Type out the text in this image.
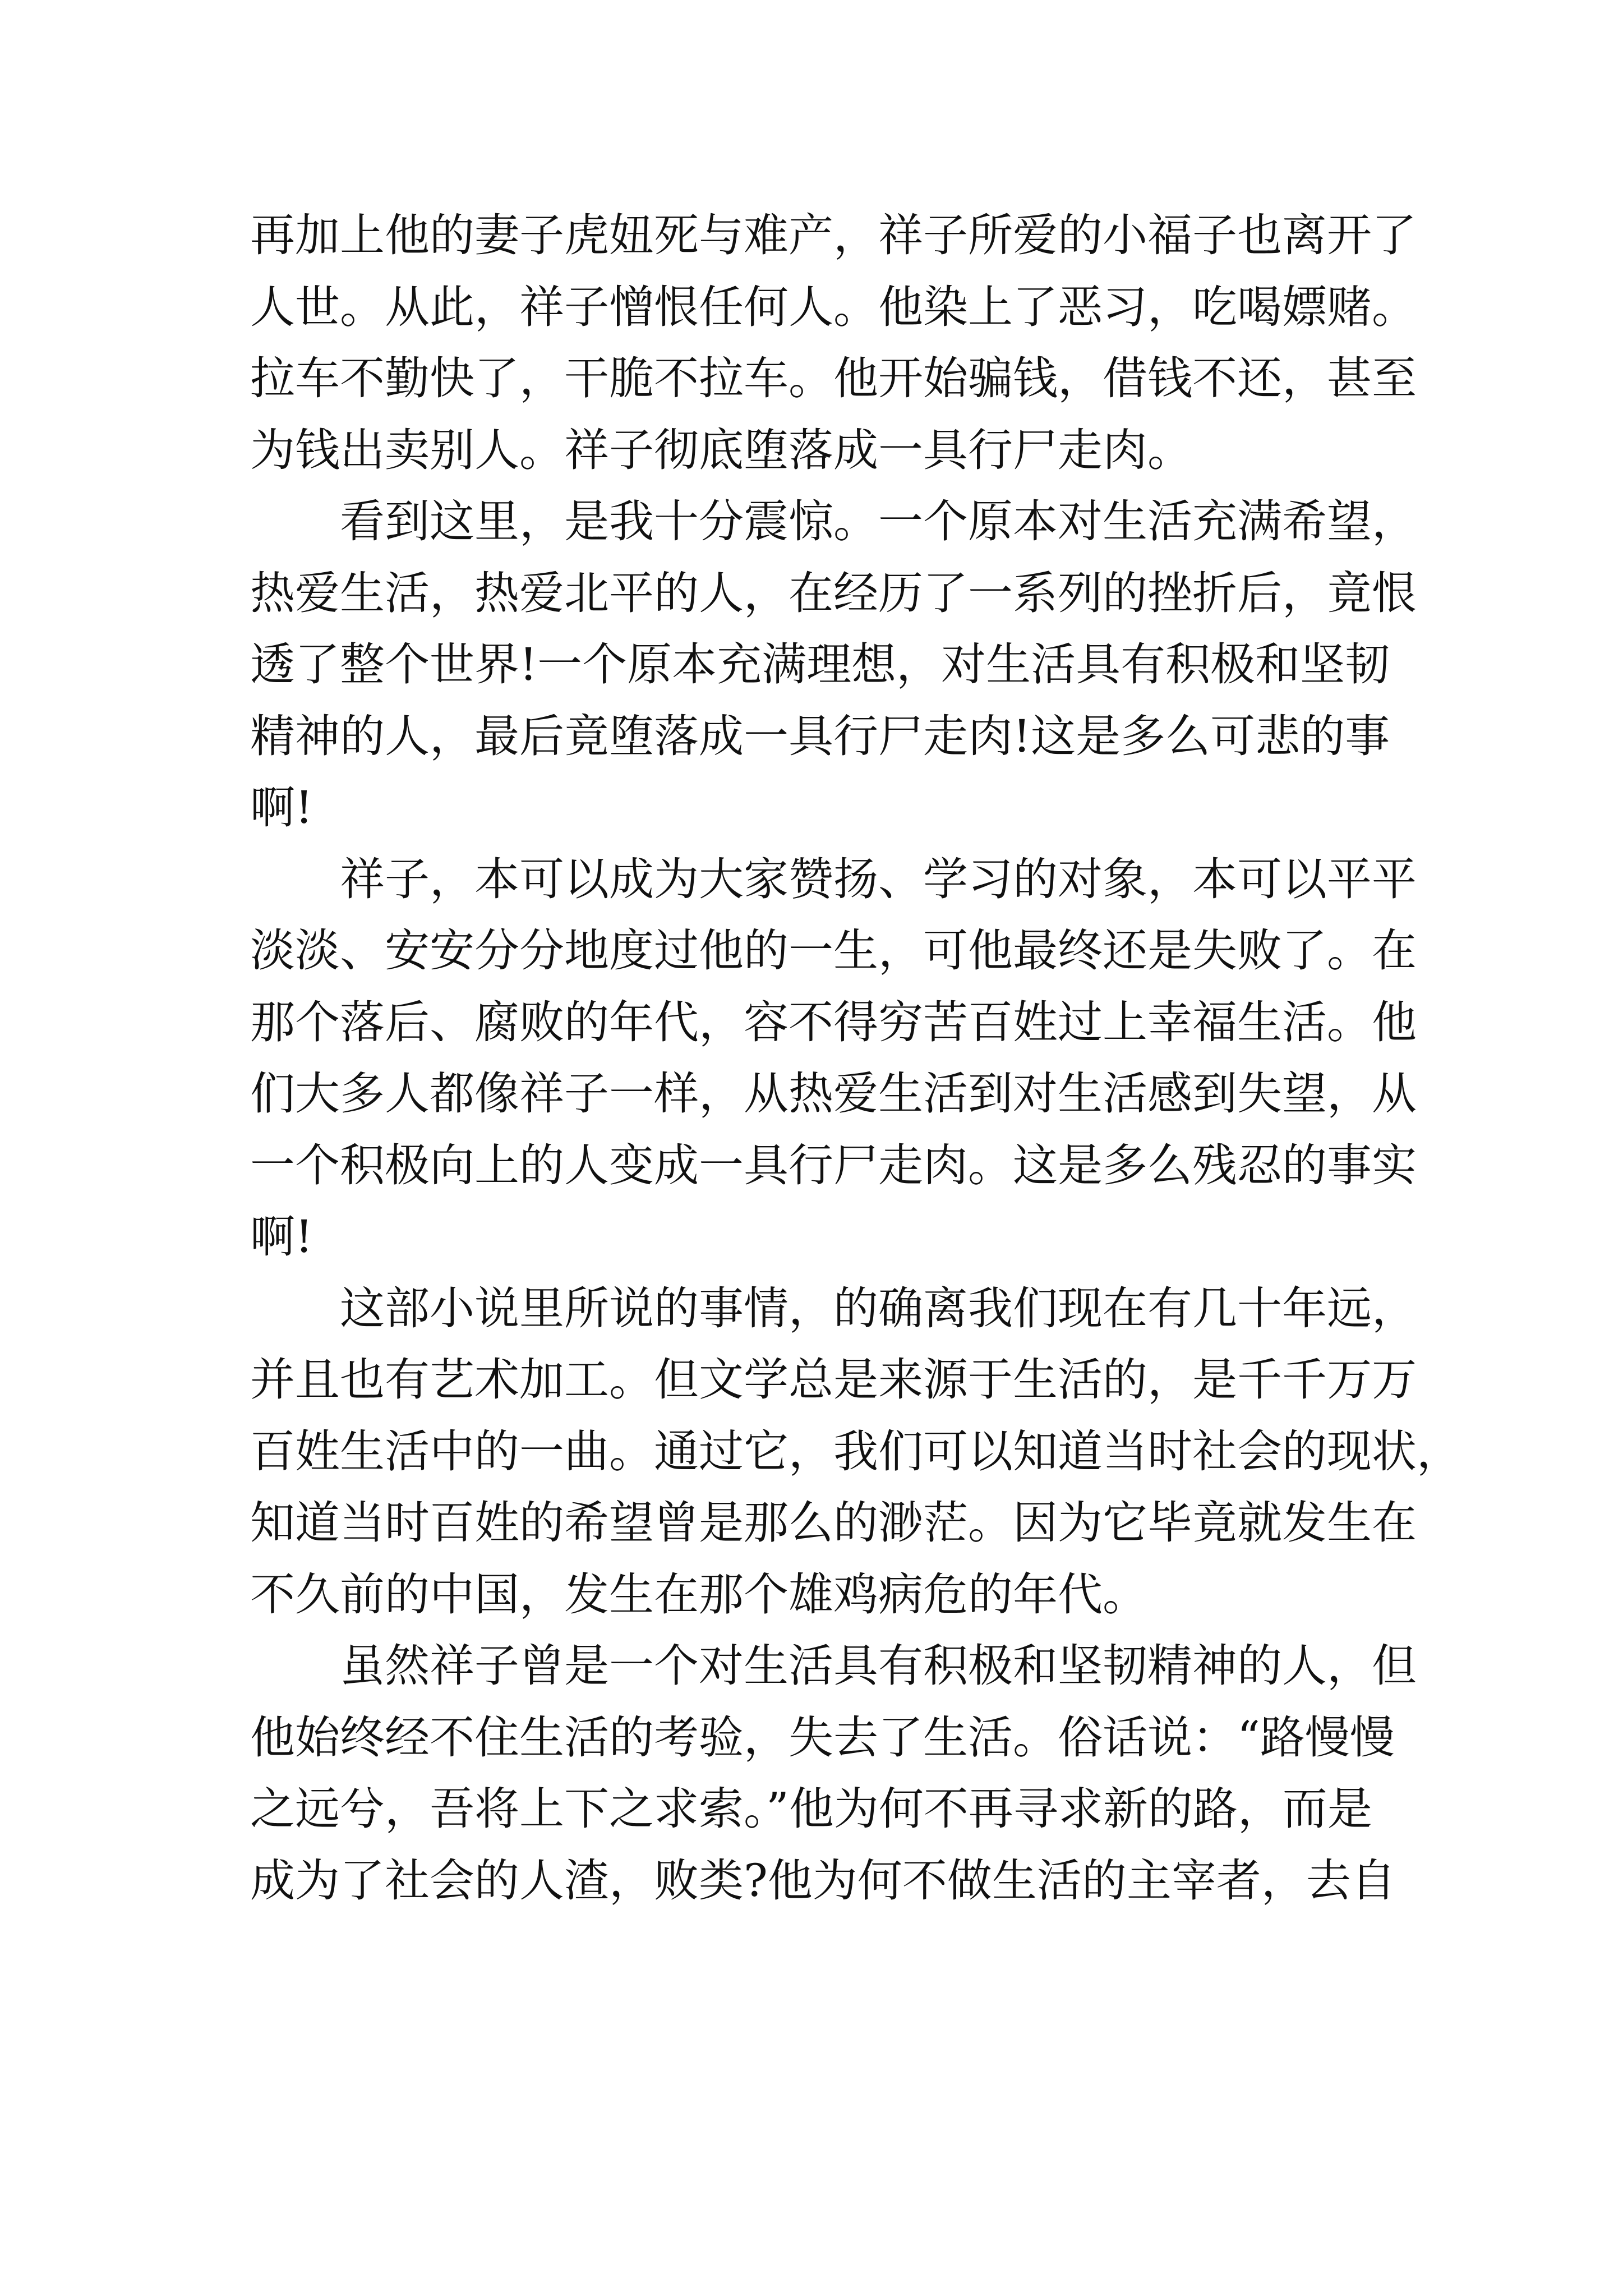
再加上他的妻子虎妞死与难产，祥子所爱的小福子也离开了
人世。从此，祥子憎恨任何人。他染上了恶习，吃喝嫖赌。
拉车不勤快了，干脆不拉车。他开始骗钱，借钱不还，甚至
为钱出卖别人。祥子彻底堕落成一具行尸走肉。
　　看到这里，是我十分震惊。一个原本对生活充满希望，
热爱生活，热爱北平的人，在经历了一系列的挫折后，竟恨
透了整个世界!一个原本充满理想，对生活具有积极和坚韧
精神的人，最后竟堕落成一具行尸走肉!这是多么可悲的事
啊!
　　祥子，本可以成为大家赞扬、学习的对象，本可以平平
淡淡、安安分分地度过他的一生，可他最终还是失败了。在
那个落后、腐败的年代，容不得穷苦百姓过上幸福生活。他
们大多人都像祥子一样，从热爱生活到对生活感到失望，从
一个积极向上的人变成一具行尸走肉。这是多么残忍的事实
啊!
　　这部小说里所说的事情，的确离我们现在有几十年远，
并且也有艺术加工。但文学总是来源于生活的，是千千万万
百姓生活中的一曲。通过它，我们可以知道当时社会的现状，
知道当时百姓的希望曾是那么的渺茫。因为它毕竟就发生在
不久前的中国，发生在那个雄鸡病危的年代。
　　虽然祥子曾是一个对生活具有积极和坚韧精神的人，但
他始终经不住生活的考验，失去了生活。俗话说：“路慢慢
之远兮，吾将上下之求索。”他为何不再寻求新的路，而是
成为了社会的人渣，败类?他为何不做生活的主宰者，去自
